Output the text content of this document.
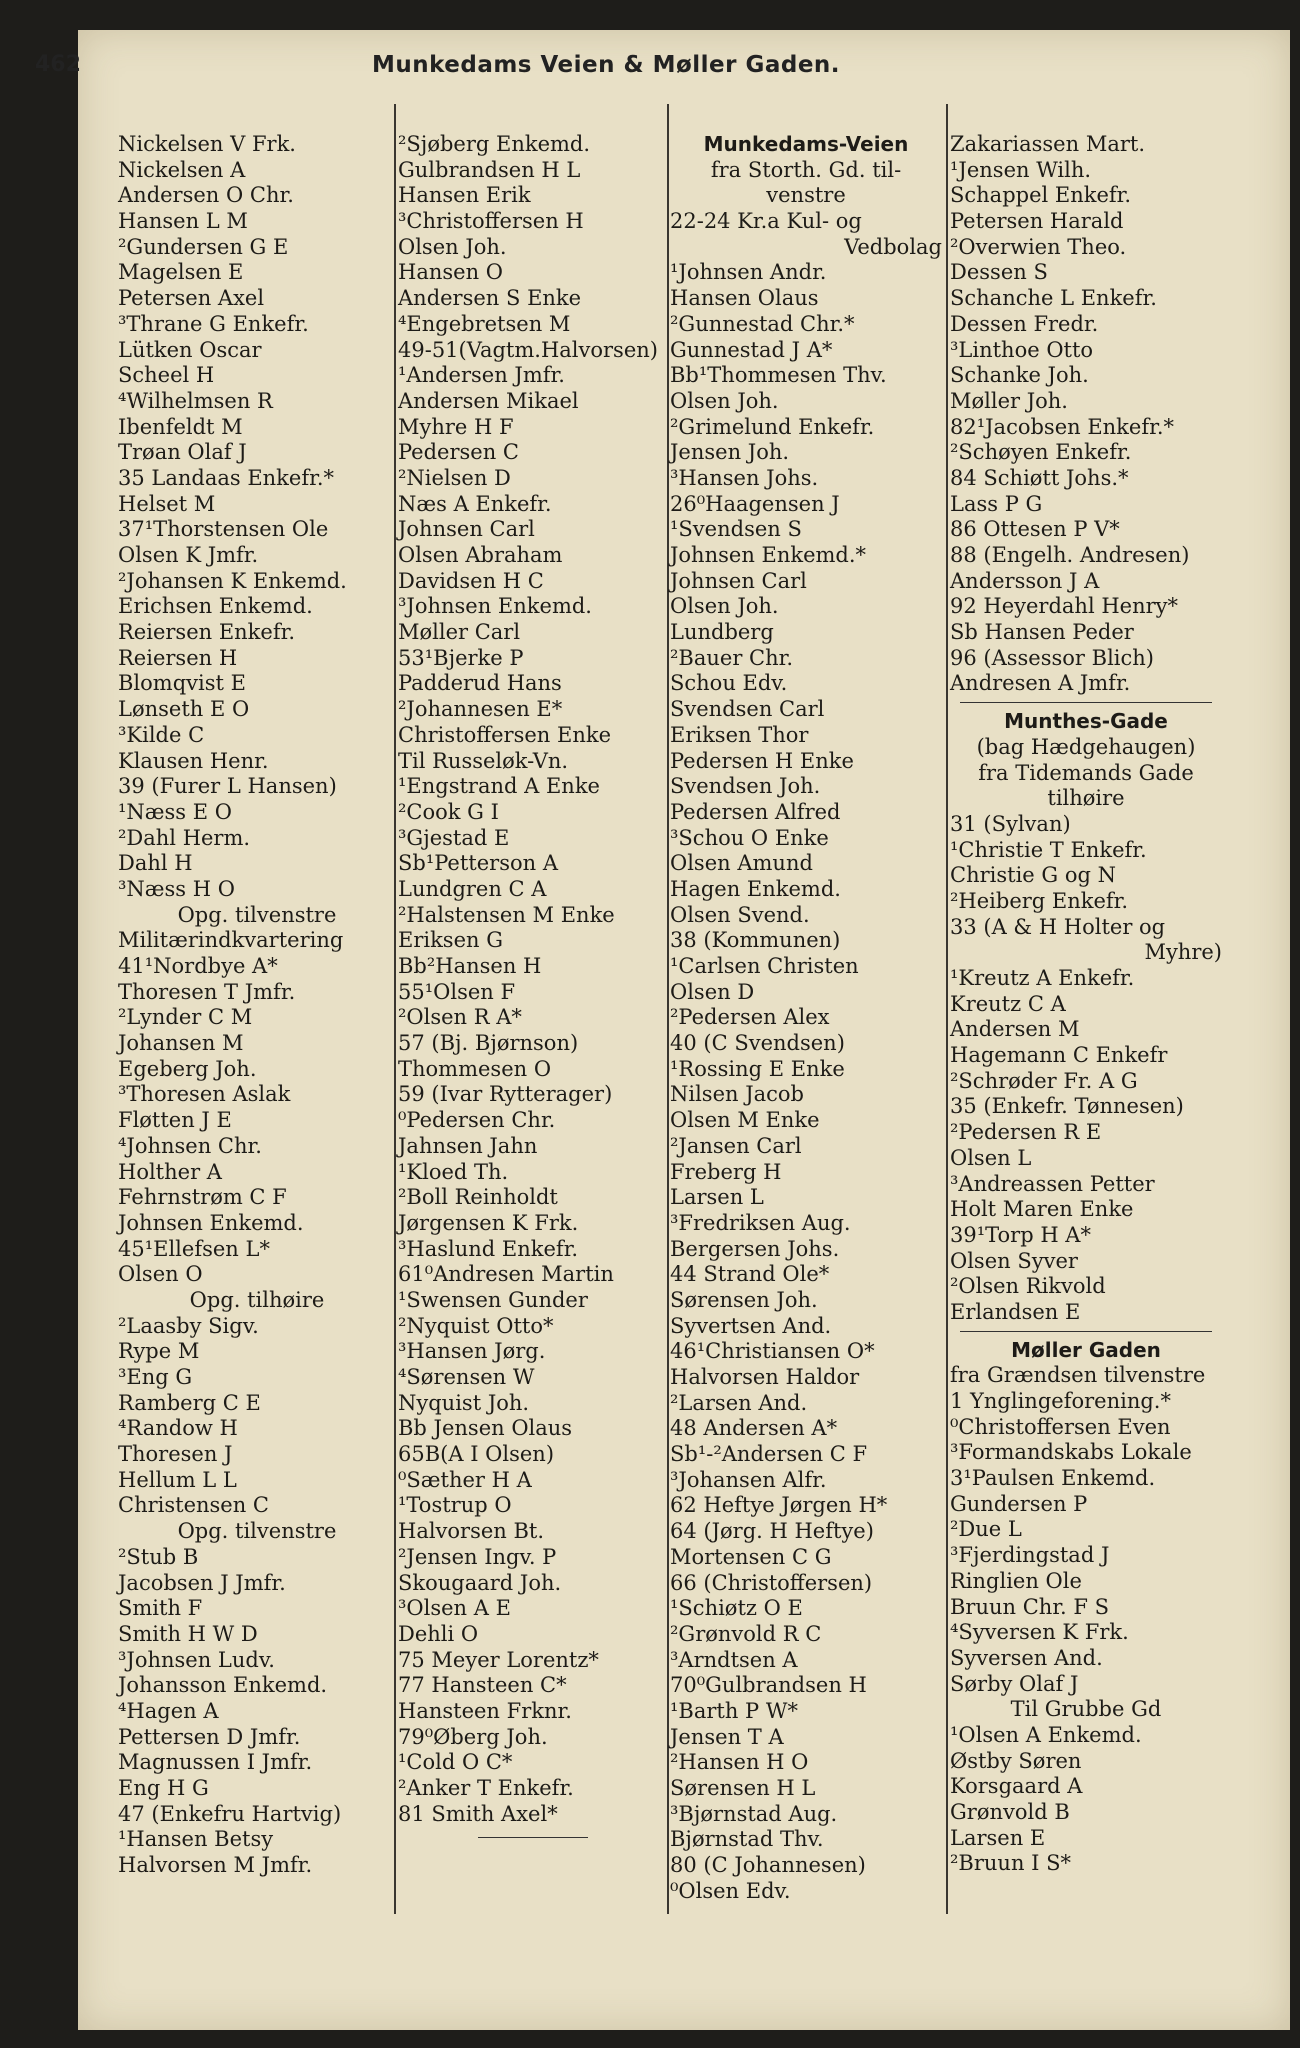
462	Munkedams Veien & Møller Gaden.
Nickelsen V Frk.
Nickelsen A
Andersen O Chr.
Hansen L M
²Gundersen G E
Magelsen E
Petersen Axel
³Thrane G Enkefr.
Lütken Oscar
Scheel H
⁴Wilhelmsen R
Ibenfeldt M
Trøan Olaf J
35 Landaas Enkefr.*
Helset M
37¹Thorstensen Ole
Olsen K Jmfr.
²Johansen K Enkemd.
Erichsen Enkemd.
Reiersen Enkefr.
Reiersen H
Blomqvist E
Lønseth E O
³Kilde C
Klausen Henr.
39 (Furer L Hansen)
¹Næss E O
²Dahl Herm.
Dahl H
³Næss H O
Opg. tilvenstre
Militærindkvartering
41¹Nordbye A*
Thoresen T Jmfr.
²Lynder C M
Johansen M
Egeberg Joh.
³Thoresen Aslak
Fløtten J E
⁴Johnsen Chr.
Holther A
Fehrnstrøm C F
Johnsen Enkemd.
45¹Ellefsen L*
Olsen O
Opg. tilhøire
²Laasby Sigv.
Rype M
³Eng G
Ramberg C E
⁴Randow H
Thoresen J
Hellum L L
Christensen C
Opg. tilvenstre
²Stub B
Jacobsen J Jmfr.
Smith F
Smith H W D
³Johnsen Ludv.
Johansson Enkemd.
⁴Hagen A
Pettersen D Jmfr.
Magnussen I Jmfr.
Eng H G
47 (Enkefru Hartvig)
¹Hansen Betsy
Halvorsen M Jmfr.
²Sjøberg Enkemd.
Gulbrandsen H L
Hansen Erik
³Christoffersen H
Olsen Joh.
Hansen O
Andersen S Enke
⁴Engebretsen M
49-51(Vagtm.Halvorsen)
¹Andersen Jmfr.
Andersen Mikael
Myhre H F
Pedersen C
²Nielsen D
Næs A Enkefr.
Johnsen Carl
Olsen Abraham
Davidsen H C
³Johnsen Enkemd.
Møller Carl
53¹Bjerke P
Padderud Hans
²Johannesen E*
Christoffersen Enke
Til Russeløk-Vn.
¹Engstrand A Enke
²Cook G I
³Gjestad E
Sb¹Petterson A
Lundgren C A
²Halstensen M Enke
Eriksen G
Bb²Hansen H
55¹Olsen F
²Olsen R A*
57 (Bj. Bjørnson)
Thommesen O
59 (Ivar Rytterager)
⁰Pedersen Chr.
Jahnsen Jahn
¹Kloed Th.
²Boll Reinholdt
Jørgensen K Frk.
³Haslund Enkefr.
61⁰Andresen Martin
¹Swensen Gunder
²Nyquist Otto*
³Hansen Jørg.
⁴Sørensen W
Nyquist Joh.
Bb Jensen Olaus
65B(A I Olsen)
⁰Sæther H A
¹Tostrup O
Halvorsen Bt.
²Jensen Ingv. P
Skougaard Joh.
³Olsen A E
Dehli O
75 Meyer Lorentz*
77 Hansteen C*
Hansteen Frknr.
79⁰Øberg Joh.
¹Cold O C*
²Anker T Enkefr.
81 Smith Axel*
Munkedams-Veien
fra Storth. Gd. til-
venstre
22-24 Kr.a Kul- og
Vedbolag
¹Johnsen Andr.
Hansen Olaus
²Gunnestad Chr.*
Gunnestad J A*
Bb¹Thommesen Thv.
Olsen Joh.
²Grimelund Enkefr.
Jensen Joh.
³Hansen Johs.
26⁰Haagensen J
¹Svendsen S
Johnsen Enkemd.*
Johnsen Carl
Olsen Joh.
Lundberg
²Bauer Chr.
Schou Edv.
Svendsen Carl
Eriksen Thor
Pedersen H Enke
Svendsen Joh.
Pedersen Alfred
³Schou O Enke
Olsen Amund
Hagen Enkemd.
Olsen Svend.
38 (Kommunen)
¹Carlsen Christen
Olsen D
²Pedersen Alex
40 (C Svendsen)
¹Rossing E Enke
Nilsen Jacob
Olsen M Enke
²Jansen Carl
Freberg H
Larsen L
³Fredriksen Aug.
Bergersen Johs.
44 Strand Ole*
Sørensen Joh.
Syvertsen And.
46¹Christiansen O*
Halvorsen Haldor
²Larsen And.
48 Andersen A*
Sb¹-²Andersen C F
³Johansen Alfr.
62 Heftye Jørgen H*
64 (Jørg. H Heftye)
Mortensen C G
66 (Christoffersen)
¹Schiøtz O E
²Grønvold R C
³Arndtsen A
70⁰Gulbrandsen H
¹Barth P W*
Jensen T A
²Hansen H O
Sørensen H L
³Bjørnstad Aug.
Bjørnstad Thv.
80 (C Johannesen)
⁰Olsen Edv.
Zakariassen Mart.
¹Jensen Wilh.
Schappel Enkefr.
Petersen Harald
²Overwien Theo.
Dessen S
Schanche L Enkefr.
Dessen Fredr.
³Linthoe Otto
Schanke Joh.
Møller Joh.
82¹Jacobsen Enkefr.*
²Schøyen Enkefr.
84 Schiøtt Johs.*
Lass P G
86 Ottesen P V*
88 (Engelh. Andresen)
Andersson J A
92 Heyerdahl Henry*
Sb Hansen Peder
96 (Assessor Blich)
Andresen A Jmfr.
Munthes-Gade
(bag Hædgehaugen)
fra Tidemands Gade
tilhøire
31 (Sylvan)
¹Christie T Enkefr.
Christie G og N
²Heiberg Enkefr.
33 (A & H Holter og
Myhre)
¹Kreutz A Enkefr.
Kreutz C A
Andersen M
Hagemann C Enkefr
²Schrøder Fr. A G
35 (Enkefr. Tønnesen)
²Pedersen R E
Olsen L
³Andreassen Petter
Holt Maren Enke
39¹Torp H A*
Olsen Syver
²Olsen Rikvold
Erlandsen E
Møller Gaden
fra Grændsen tilvenstre
1 Ynglingeforening.*
⁰Christoffersen Even
³Formandskabs Lokale
3¹Paulsen Enkemd.
Gundersen P
²Due L
³Fjerdingstad J
Ringlien Ole
Bruun Chr. F S
⁴Syversen K Frk.
Syversen And.
Sørby Olaf J
Til Grubbe Gd
¹Olsen A Enkemd.
Østby Søren
Korsgaard A
Grønvold B
Larsen E
²Bruun I S*
